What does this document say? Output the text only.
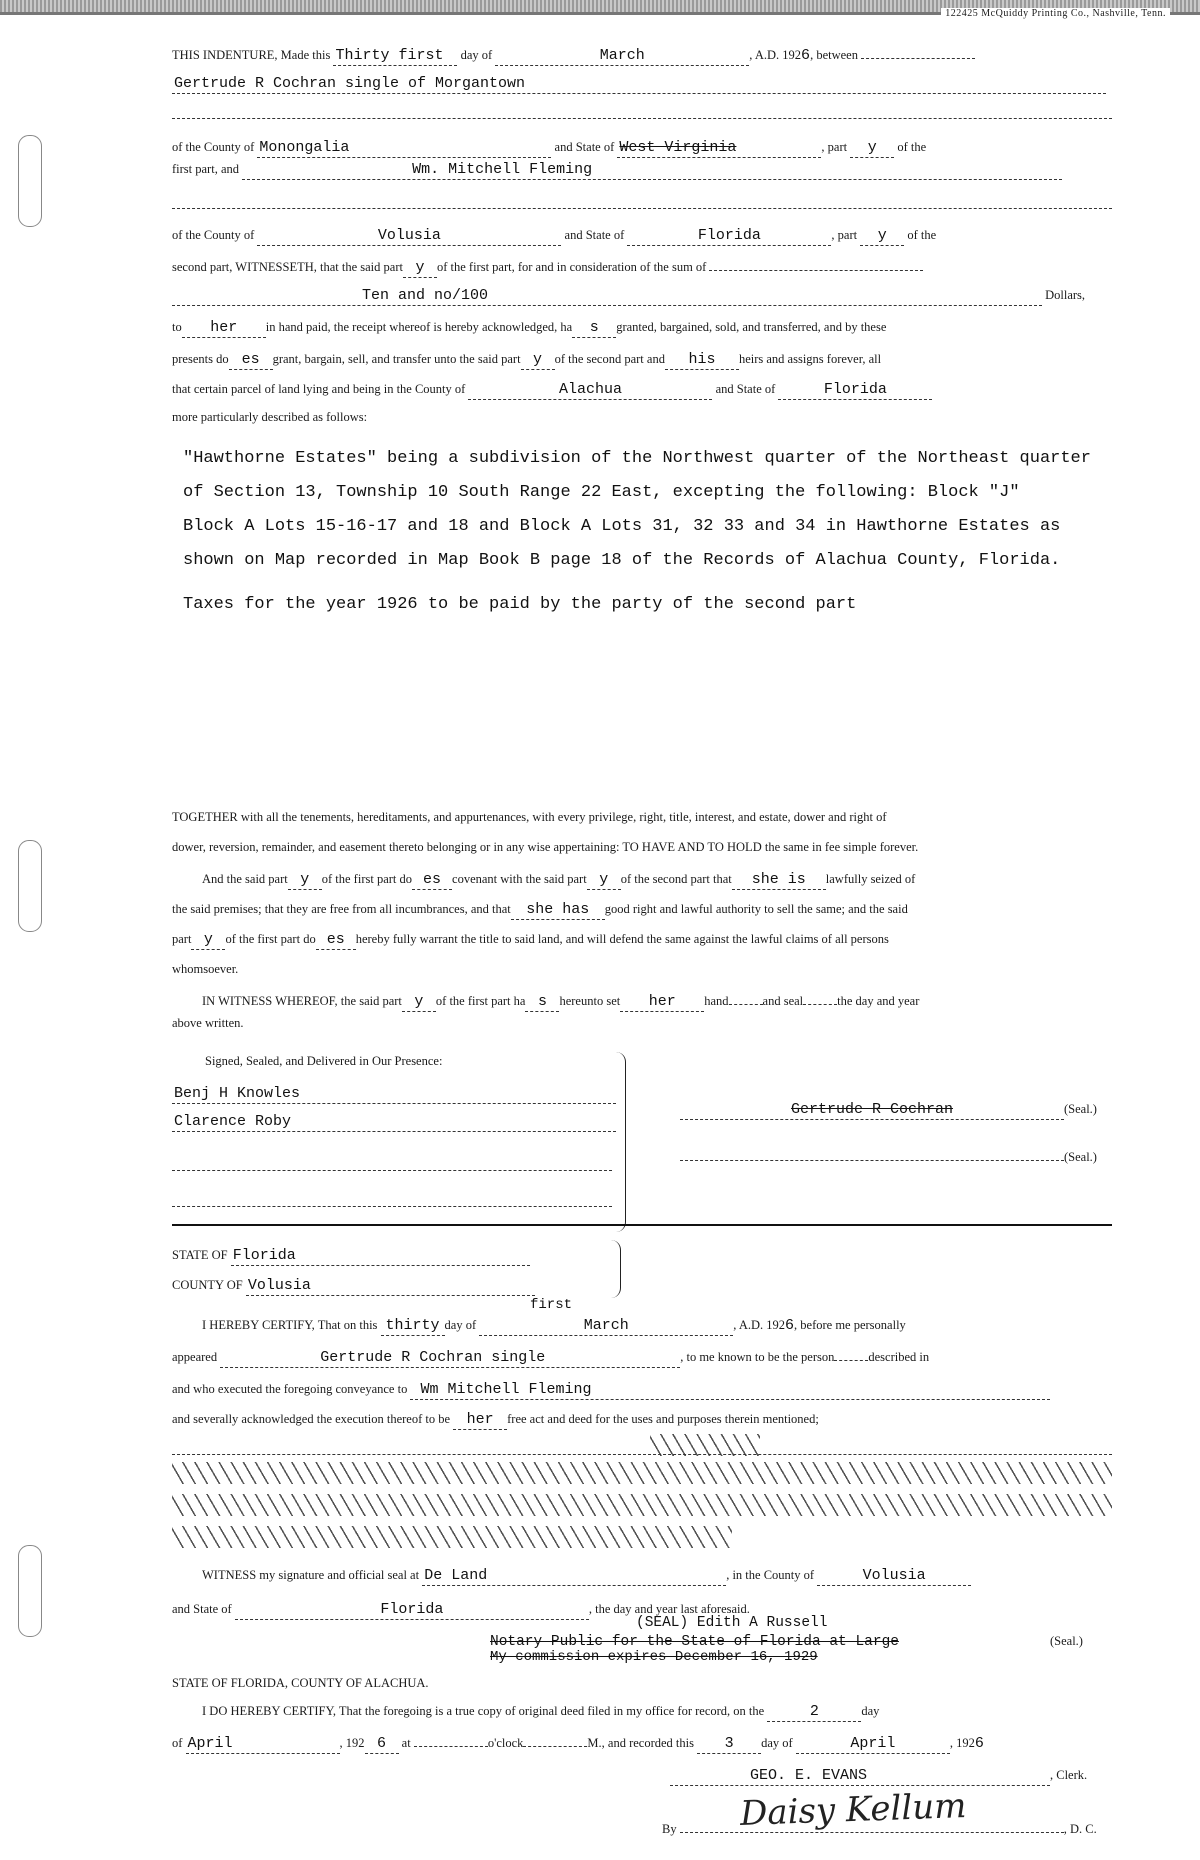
122425 McQuiddy Printing Co., Nashville, Tenn.
THIS INDENTURE, Made this Thirty first day of	March	, A.D. 1926, between
Gertrude R Cochran single of Morgantown
of the County of Monongalia	and State of West Virginia	, part y of the
first part, and	Wm. Mitchell Fleming
of the County of	Volusia	and State of	Florida	, part y of the
second part, WITNESSETH, that the said part y of the first part, for and in consideration of the sum of
Ten and no/100	Dollars,
to her in hand paid, the receipt whereof is hereby acknowledged, ha s granted, bargained, sold, and transferred, and by these
presents do es grant, bargain, sell, and transfer unto the said part y of the second part and his heirs and assigns forever, all
that certain parcel of land lying and being in the County of	Alachua	and State of	Florida
more particularly described as follows:
"Hawthorne Estates" being a subdivision of the Northwest quarter of the Northeast quarter
of Section 13, Township 10 South Range 22 East, excepting the following: Block "J"
Block A Lots 15-16-17 and 18 and Block A Lots 31, 32 33 and 34 in Hawthorne Estates as
shown on Map recorded in Map Book B page 18 of the Records of Alachua County, Florida.
Taxes for the year 1926 to be paid by the party of the second part
TOGETHER with all the tenements, hereditaments, and appurtenances, with every privilege, right, title, interest, and estate, dower and right of
dower, reversion, remainder, and easement thereto belonging or in any wise appertaining: TO HAVE AND TO HOLD the same in fee simple forever.
And the said part y of the first part do es covenant with the said part y of the second part that she is lawfully seized of
the said premises; that they are free from all incumbrances, and that she has good right and lawful authority to sell the same; and the said
part y of the first part do es hereby fully warrant the title to said land, and will defend the same against the lawful claims of all persons
whomsoever.
IN WITNESS WHEREOF, the said part y of the first part ha s hereunto set her hand	and seal	the day and year
above written.
Signed, Sealed, and Delivered in Our Presence:
Benj H Knowles
Clarence Roby
Gertrude R Cochran	(Seal.)
(Seal.)
STATE OF Florida
COUNTY OF Volusia
first
I HEREBY CERTIFY, That on this thirty day of	March	, A.D. 1926, before me personally
appeared	Gertrude R Cochran single	, to me known to be the person	described in
and who executed the foregoing conveyance to Wm Mitchell Fleming
and severally acknowledged the execution thereof to be her free act and deed for the uses and purposes therein mentioned;
WITNESS my signature and official seal at De Land	, in the County of	Volusia
and State of	Florida	, the day and year last aforesaid.
(SEAL) Edith A Russell
Notary Public for the State of Florida at Large	(Seal.)
My commission expires December 16, 1929
STATE OF FLORIDA, COUNTY OF ALACHUA.
I DO HEREBY CERTIFY, That the foregoing is a true copy of original deed filed in my office for record, on the	2	day
of April	, 192 6 at	o'clock	M., and recorded this 3 day of	April	, 1926
GEO. E. EVANS	, Clerk.
By	, D. C.
Daisy Kellum
